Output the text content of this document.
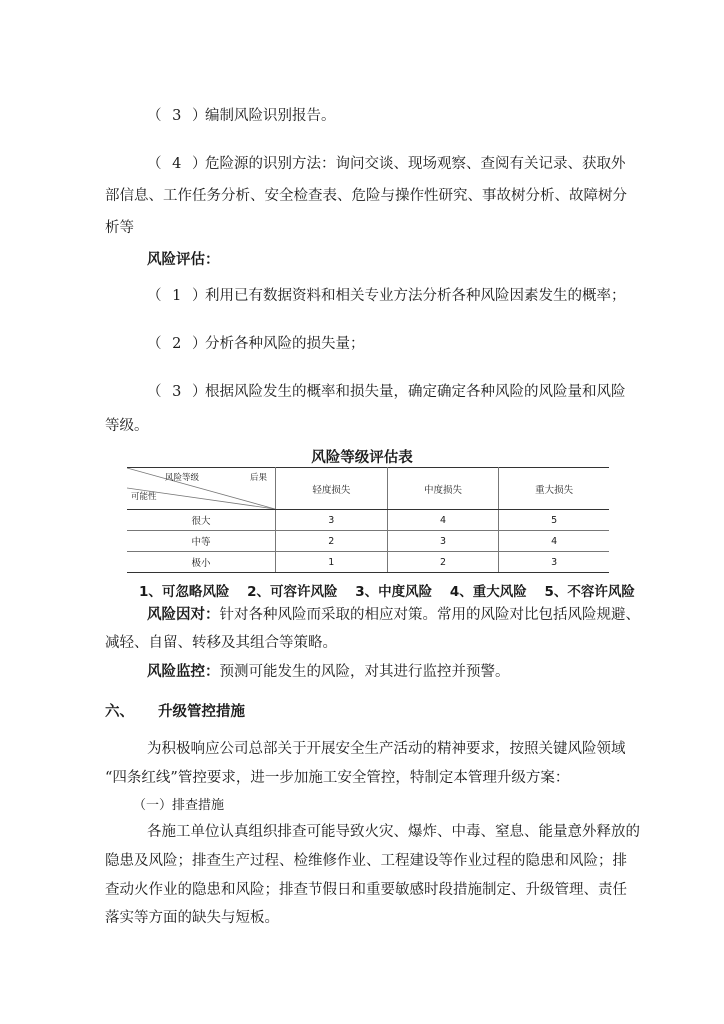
（ 3 ）编制风险识别报告。
（ 4 ）危险源的识别方法：询问交谈、现场观察、查阅有关记录、获取外
部信息、工作任务分析、安全检查表、危险与操作性研究、事故树分析、故障树分
析等
风险评估：
（ 1 ）利用已有数据资料和相关专业方法分析各种风险因素发生的概率；
（ 2 ）分析各种风险的损失量；
（ 3 ）根据风险发生的概率和损失量，确定确定各种风险的风险量和风险
等级。
风险等级评估表
风险等级 后果
可能性	轻度损失	中度损失	重大损失
很大	3	4	5
中等	2	3	4
极小	1	2	3
1、可忽略风险 2、可容许风险 3、中度风险 4、重大风险 5、不容许风险
风险因对：针对各种风险而采取的相应对策。常用的风险对比包括风险规避、
减轻、自留、转移及其组合等策略。
风险监控：预测可能发生的风险，对其进行监控并预警。
六、 升级管控措施
为积极响应公司总部关于开展安全生产活动的精神要求，按照关键风险领域
“四条红线”管控要求，进一步加施工安全管控，特制定本管理升级方案：
（一）排查措施
各施工单位认真组织排查可能导致火灾、爆炸、中毒、窒息、能量意外释放的
隐患及风险；排查生产过程、检维修作业、工程建设等作业过程的隐患和风险；排
查动火作业的隐患和风险；排查节假日和重要敏感时段措施制定、升级管理、责任
落实等方面的缺失与短板。
